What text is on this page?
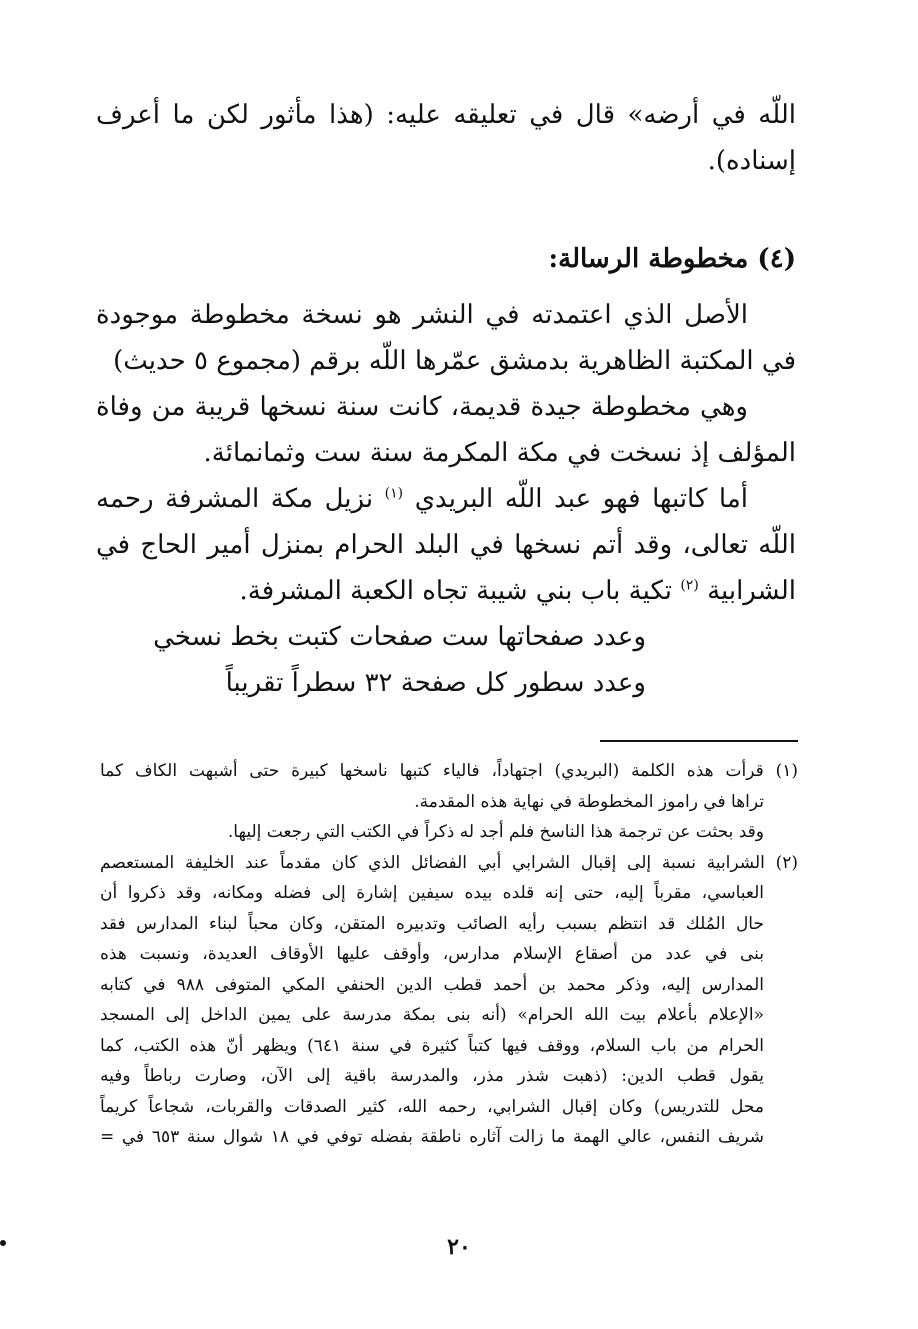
اللّه في أرضه» قال في تعليقه عليه: (هذا مأثور لكن ما أعرف إسناده).

(٤) مخطوطة الرسالة:

الأصل الذي اعتمدته في النشر هو نسخة مخطوطة موجودة في المكتبة الظاهرية بدمشق عمّرها اللّه برقم (مجموع ٥ حديث)

وهي مخطوطة جيدة قديمة، كانت سنة نسخها قريبة من وفاة المؤلف إذ نسخت في مكة المكرمة سنة ست وثمانمائة.

أما كاتبها فهو عبد اللّه البريدي $^{(١)}$ نزيل مكة المشرفة رحمه اللّه تعالى، وقد أتم نسخها في البلد الحرام بمنزل أمير الحاج في الشرابية $^{(٢)}$ تكية باب بني شيبة تجاه الكعبة المشرفة.

وعدد صفحاتها ست صفحات كتبت بخط نسخي

وعدد سطور كل صفحة ٣٢ سطراً تقريباً

(١) قرأت هذه الكلمة (البريدي) اجتهاداً، فالياء كتبها ناسخها كبيرة حتى أشبهت الكاف كما
تراها في راموز المخطوطة في نهاية هذه المقدمة.
وقد بحثت عن ترجمة هذا الناسخ فلم أجد له ذكراً في الكتب التي رجعت إليها.
(٢) الشرابية نسبة إلى إقبال الشرابي أبي الفضائل الذي كان مقدماً عند الخليفة المستعصم
العباسي، مقرباً إليه، حتى إنه قلده بيده سيفين إشارة إلى فضله ومكانه، وقد ذكروا أن
حال المُلك قد انتظم بسبب رأيه الصائب وتدبيره المتقن، وكان محباً لبناء المدارس فقد
بنى في عدد من أصقاع الإسلام مدارس، وأوقف عليها الأوقاف العديدة، ونسبت هذه
المدارس إليه، وذكر محمد بن أحمد قطب الدين الحنفي المكي المتوفى ٩٨٨ في كتابه
«الإعلام بأعلام بيت الله الحرام» (أنه بنى بمكة مدرسة على يمين الداخل إلى المسجد
الحرام من باب السلام، ووقف فيها كتباً كثيرة في سنة ٦٤١) ويظهر أنّ هذه الكتب، كما
يقول قطب الدين: (ذهبت شذر مذر، والمدرسة باقية إلى الآن، وصارت رباطاً وفيه
محل للتدريس) وكان إقبال الشرابي، رحمه الله، كثير الصدقات والقربات، شجاعاً كريماً
شريف النفس، عالي الهمة ما زالت آثاره ناطقة بفضله توفي في ١٨ شوال سنة ٦٥٣ في =
٢٠
